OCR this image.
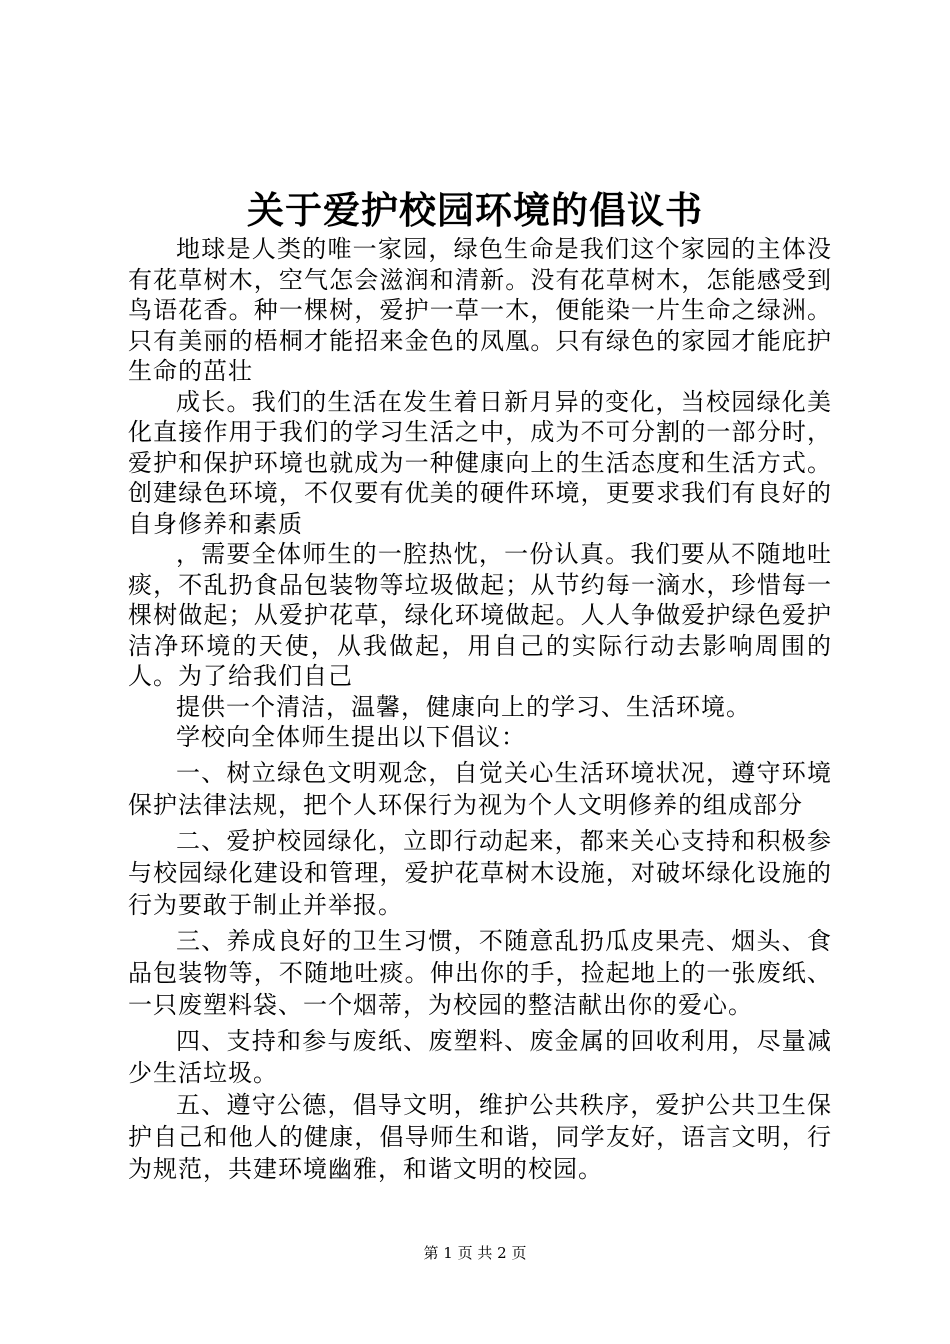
关于爱护校园环境的倡议书

地球是人类的唯一家园，绿色生命是我们这个家园的主体没有花草树木，空气怎会滋润和清新。没有花草树木，怎能感受到鸟语花香。种一棵树，爱护一草一木，便能染一片生命之绿洲。只有美丽的梧桐才能招来金色的凤凰。只有绿色的家园才能庇护生命的茁壮

成长。我们的生活在发生着日新月异的变化，当校园绿化美化直接作用于我们的学习生活之中，成为不可分割的一部分时，爱护和保护环境也就成为一种健康向上的生活态度和生活方式。创建绿色环境，不仅要有优美的硬件环境，更要求我们有良好的自身修养和素质

，需要全体师生的一腔热忱，一份认真。我们要从不随地吐痰，不乱扔食品包装物等垃圾做起；从节约每一滴水，珍惜每一棵树做起；从爱护花草，绿化环境做起。人人争做爱护绿色爱护洁净环境的天使，从我做起，用自己的实际行动去影响周围的人。为了给我们自己

提供一个清洁，温馨，健康向上的学习、生活环境。

学校向全体师生提出以下倡议：

一、树立绿色文明观念，自觉关心生活环境状况，遵守环境保护法律法规，把个人环保行为视为个人文明修养的组成部分

二、爱护校园绿化，立即行动起来，都来关心支持和积极参与校园绿化建设和管理，爱护花草树木设施，对破坏绿化设施的行为要敢于制止并举报。

三、养成良好的卫生习惯，不随意乱扔瓜皮果壳、烟头、食品包装物等，不随地吐痰。伸出你的手，捡起地上的一张废纸、一只废塑料袋、一个烟蒂，为校园的整洁献出你的爱心。

四、支持和参与废纸、废塑料、废金属的回收利用，尽量减少生活垃圾。

五、遵守公德，倡导文明，维护公共秩序，爱护公共卫生保护自己和他人的健康，倡导师生和谐，同学友好，语言文明，行为规范，共建环境幽雅，和谐文明的校园。

第 1 页 共 2 页
